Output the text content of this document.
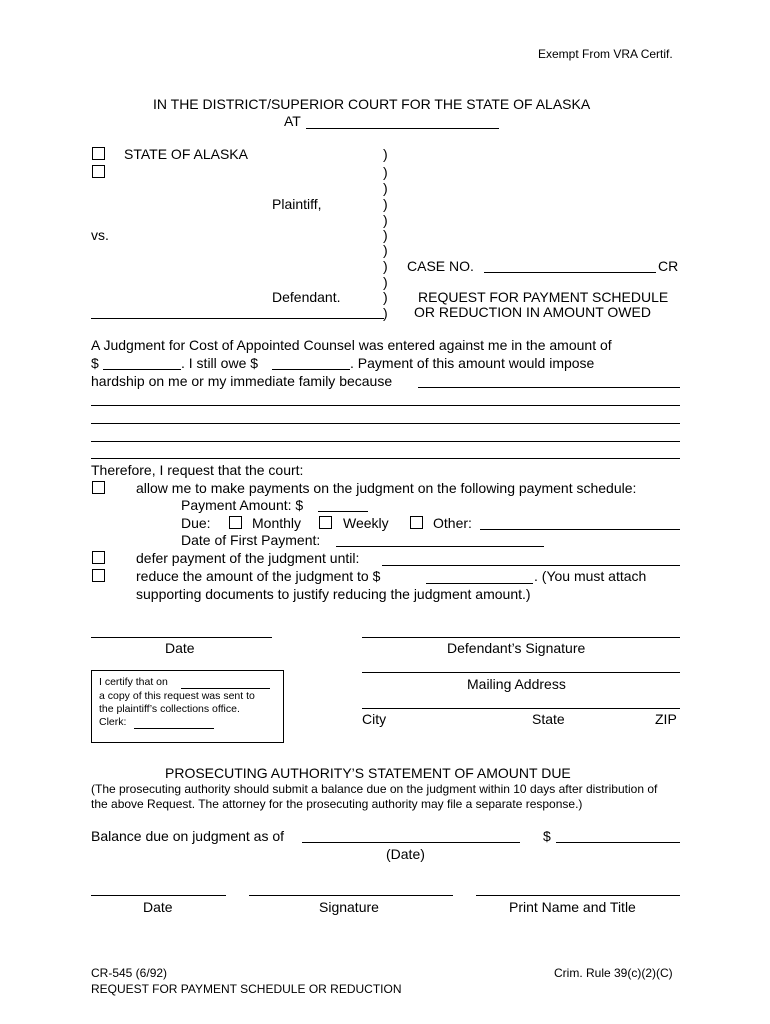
Exempt From VRA Certif.
IN THE DISTRICT/SUPERIOR COURT FOR THE STATE OF ALASKA
AT
STATE OF ALASKA
Plaintiff,
vs.
Defendant.
)
)
)
)
)
)
)
)
)
)
)
CASE NO.	CR
REQUEST FOR PAYMENT SCHEDULE
OR REDUCTION IN AMOUNT OWED
A Judgment for Cost of Appointed Counsel was entered against me in the amount of
$	. I still owe $	. Payment of this amount would impose
hardship on me or my immediate family because
Therefore, I request that the court:
allow me to make payments on the judgment on the following payment schedule:
Payment Amount: $
Due:	Monthly	Weekly	Other:
Date of First Payment:
defer payment of the judgment until:
reduce the amount of the judgment to $	. (You must attach
supporting documents to justify reducing the judgment amount.)
Date	Defendant’s Signature
Mailing Address
City	State	ZIP
I certify that on
a copy of this request was sent to
the plaintiff’s collections office.
Clerk:
PROSECUTING AUTHORITY’S STATEMENT OF AMOUNT DUE
(The prosecuting authority should submit a balance due on the judgment within 10 days after distribution of
the above Request. The attorney for the prosecuting authority may file a separate response.)
Balance due on judgment as of	$
(Date)
Date	Signature	Print Name and Title
CR-545 (6/92)
REQUEST FOR PAYMENT SCHEDULE OR REDUCTION
Crim. Rule 39(c)(2)(C)
